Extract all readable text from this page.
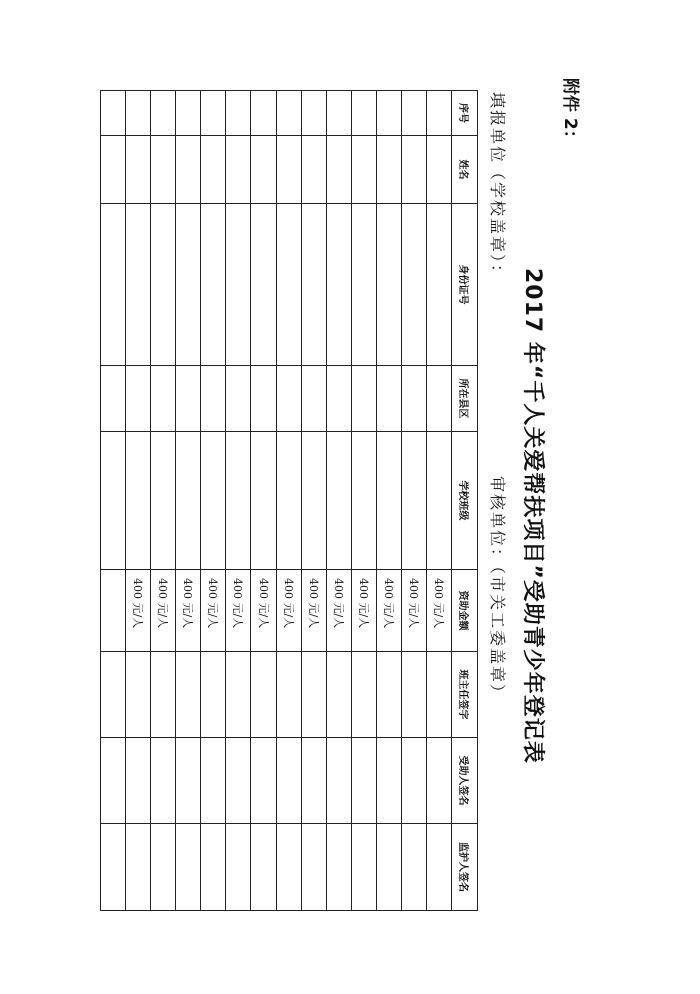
附件 2：
2017 年“千人关爱帮扶项目”受助青少年登记表
填报单位（学校盖章）：
审核单位：（市关工委盖章）
序号	姓名	身份证号	所在县区	学校班级	资助金额	班主任签字	受助人签名	监护人签名
					400 元/人			
					400 元/人			
					400 元/人			
					400 元/人			
					400 元/人			
					400 元/人			
					400 元/人			
					400 元/人			
					400 元/人			
					400 元/人			
					400 元/人			
					400 元/人			
					400 元/人			
